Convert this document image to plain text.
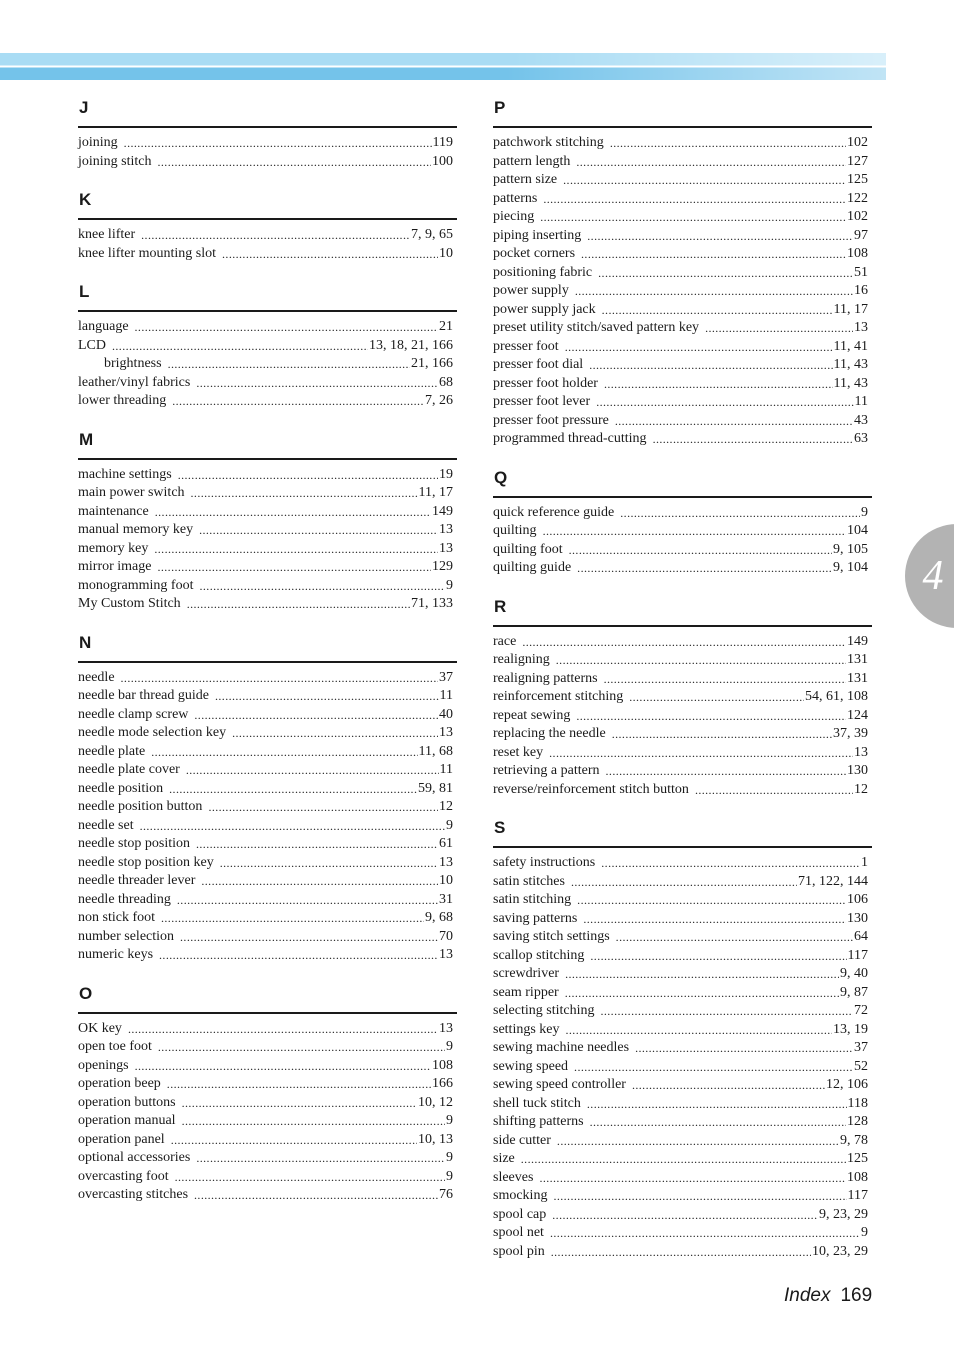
4
J
joining .....	119
joining stitch .....	100
K
knee lifter .....	7, 9, 65
knee lifter mounting slot .....	10
L
language .....	21
LCD .....	13, 18, 21, 166
brightness .....	21, 166
leather/vinyl fabrics .....	68
lower threading .....	7, 26
M
machine settings .....	19
main power switch .....	11, 17
maintenance .....	149
manual memory key .....	13
memory key .....	13
mirror image .....	129
monogramming foot .....	9
My Custom Stitch .....	71, 133
N
needle .....	37
needle bar thread guide .....	11
needle clamp screw .....	40
needle mode selection key .....	13
needle plate .....	11, 68
needle plate cover .....	11
needle position .....	59, 81
needle position button .....	12
needle set .....	9
needle stop position .....	61
needle stop position key .....	13
needle threader lever .....	10
needle threading .....	31
non stick foot .....	9, 68
number selection .....	70
numeric keys .....	13
O
OK key .....	13
open toe foot .....	9
openings .....	108
operation beep .....	166
operation buttons .....	10, 12
operation manual .....	9
operation panel .....	10, 13
optional accessories .....	9
overcasting foot .....	9
overcasting stitches .....	76
P
patchwork stitching .....	102
pattern length .....	127
pattern size .....	125
patterns .....	122
piecing .....	102
piping inserting .....	97
pocket corners .....	108
positioning fabric .....	51
power supply .....	16
power supply jack .....	11, 17
preset utility stitch/saved pattern key .....	13
presser foot .....	11, 41
presser foot dial .....	11, 43
presser foot holder .....	11, 43
presser foot lever .....	11
presser foot pressure .....	43
programmed thread-cutting .....	63
Q
quick reference guide .....	9
quilting .....	104
quilting foot .....	9, 105
quilting guide .....	9, 104
R
race .....	149
realigning .....	131
realigning patterns .....	131
reinforcement stitching .....	54, 61, 108
repeat sewing .....	124
replacing the needle .....	37, 39
reset key .....	13
retrieving a pattern .....	130
reverse/reinforcement stitch button .....	12
S
safety instructions .....	1
satin stitches .....	71, 122, 144
satin stitching .....	106
saving patterns .....	130
saving stitch settings .....	64
scallop stitching .....	117
screwdriver .....	9, 40
seam ripper .....	9, 87
selecting stitching .....	72
settings key .....	13, 19
sewing machine needles .....	37
sewing speed .....	52
sewing speed controller .....	12, 106
shell tuck stitch .....	118
shifting patterns .....	128
side cutter .....	9, 78
size .....	125
sleeves .....	108
smocking .....	117
spool cap .....	9, 23, 29
spool net .....	9
spool pin .....	10, 23, 29
Index 169
